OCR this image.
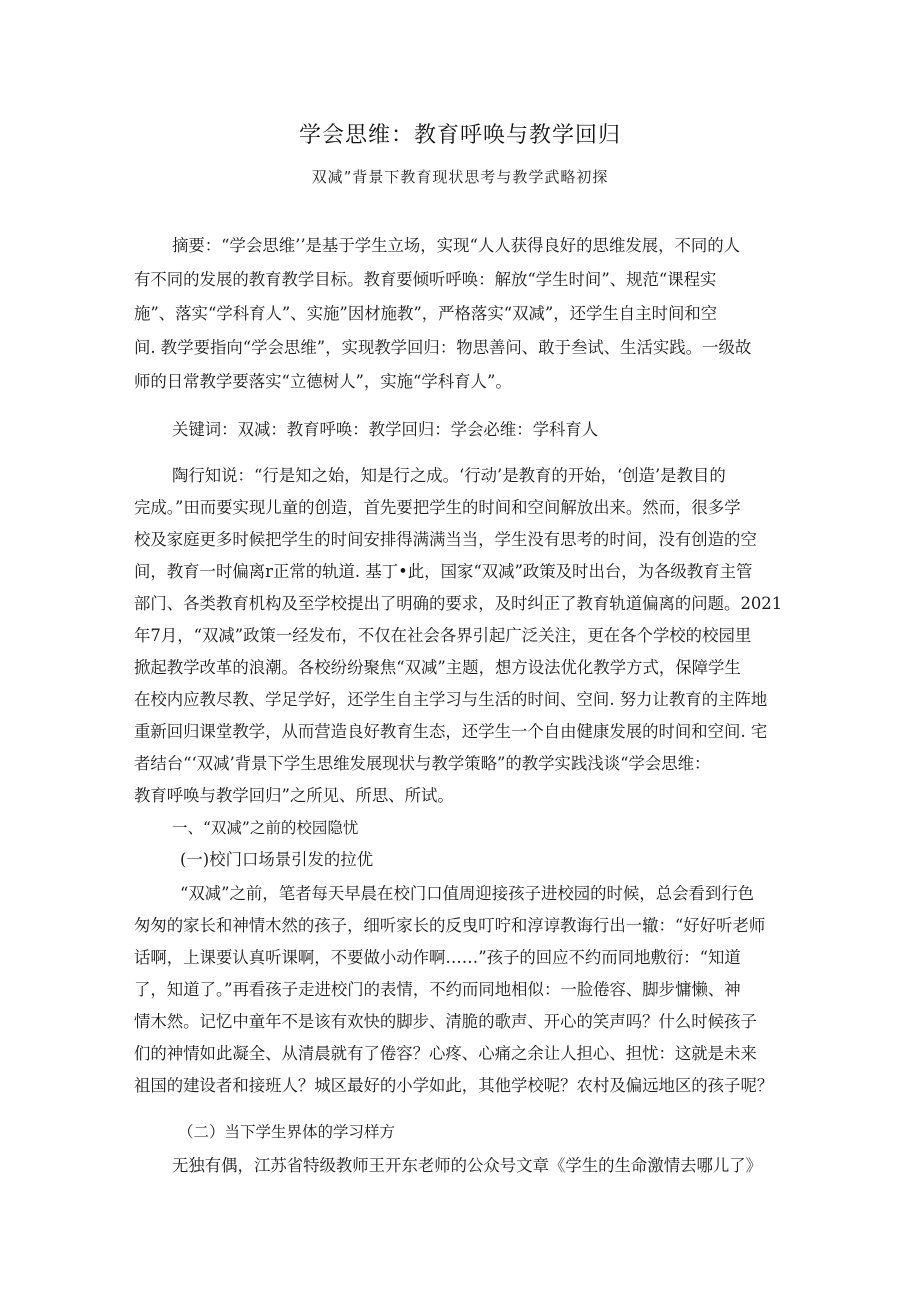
学会思维：教育呼唤与教学回归
双减”背景下教育现状思考与教学武略初探
摘要：“学会思维’’是基于学生立场，实现“人人获得良好的思维发展，不同的人
有不同的发展的教育教学目标。教育要倾听呼唤：解放“学生时间”、规范“课程实
施”、落实“学科育人”、实施”因材施教”，严格落实“双减”，还学生自主时间和空
间. 教学要指向“学会思维”，实现教学回归：物思善问、敢于叁试、生活实践。一级故
师的日常教学要落实“立德树人”，实施“学科育人”。
关键词：双减：教育呼唤：教学回归：学会必维：学科育人
陶行知说：“行是知之始，知是行之成。‘行动’是教育的开始，‘创造’是教目的
完成。”田而要实现儿童的创造，首先要把学生的时间和空间解放出来。然而，很多学
校及家庭更多时候把学生的时间安排得满满当当，学生没有思考的时间，没有创造的空
间，教育一时偏离r正常的轨道. 基丁•此，国家“双减”政策及时出台，为各级教育主管
部门、各类教育机构及至学校提出了明确的要求，及时纠正了教育轨道偏离的问题。2021
年7月，“双减”政策一经发布，不仅在社会各界引起广泛关注，更在各个学校的校园里
掀起教学改革的浪潮。各校纷纷聚焦“双减”主题，想方设法优化教学方式，保障学生
在校内应教尽教、学足学好，还学生自主学习与生活的时间、空间. 努力让教育的主阵地
重新回归课堂教学，从而营造良好教育生态，还学生一个自由健康发展的时间和空间. 宅
者结台“‘双减’背景下学生思维发展现状与教学策略”的教学实践浅谈“学会思维：
教育呼唤与教学回归”之所见、所思、所试。
一、“双减”之前的校园隐忧
(一)校门口场景引发的拉优
“双减”之前，笔者每天早晨在校门口值周迎接孩子进校园的时候，总会看到行色
匆匆的家长和神情木然的孩子，细听家长的反曳叮咛和淳谆教诲行出一辙：“好好听老师
话啊，上课要认真听课啊，不要做小动作啊……”孩子的回应不约而同地敷衍：“知道
了，知道了。”再看孩子走进校门的表情，不约而同地相似：一脸倦容、脚步慵懒、神
情木然。记忆中童年不是该有欢快的脚步、清脆的歌声、开心的笑声吗？什么时候孩子
们的神情如此凝全、从清晨就有了倦容？心疼、心痛之余让人担心、担忧：这就是未来
祖国的建设者和接班人？城区最好的小学如此，其他学校呢？农村及偏远地区的孩子呢？
（二）当下学生界体的学习样方
无独有偶，江苏省特级教师王开东老师的公众号文章《学生的生命激情去哪儿了》
